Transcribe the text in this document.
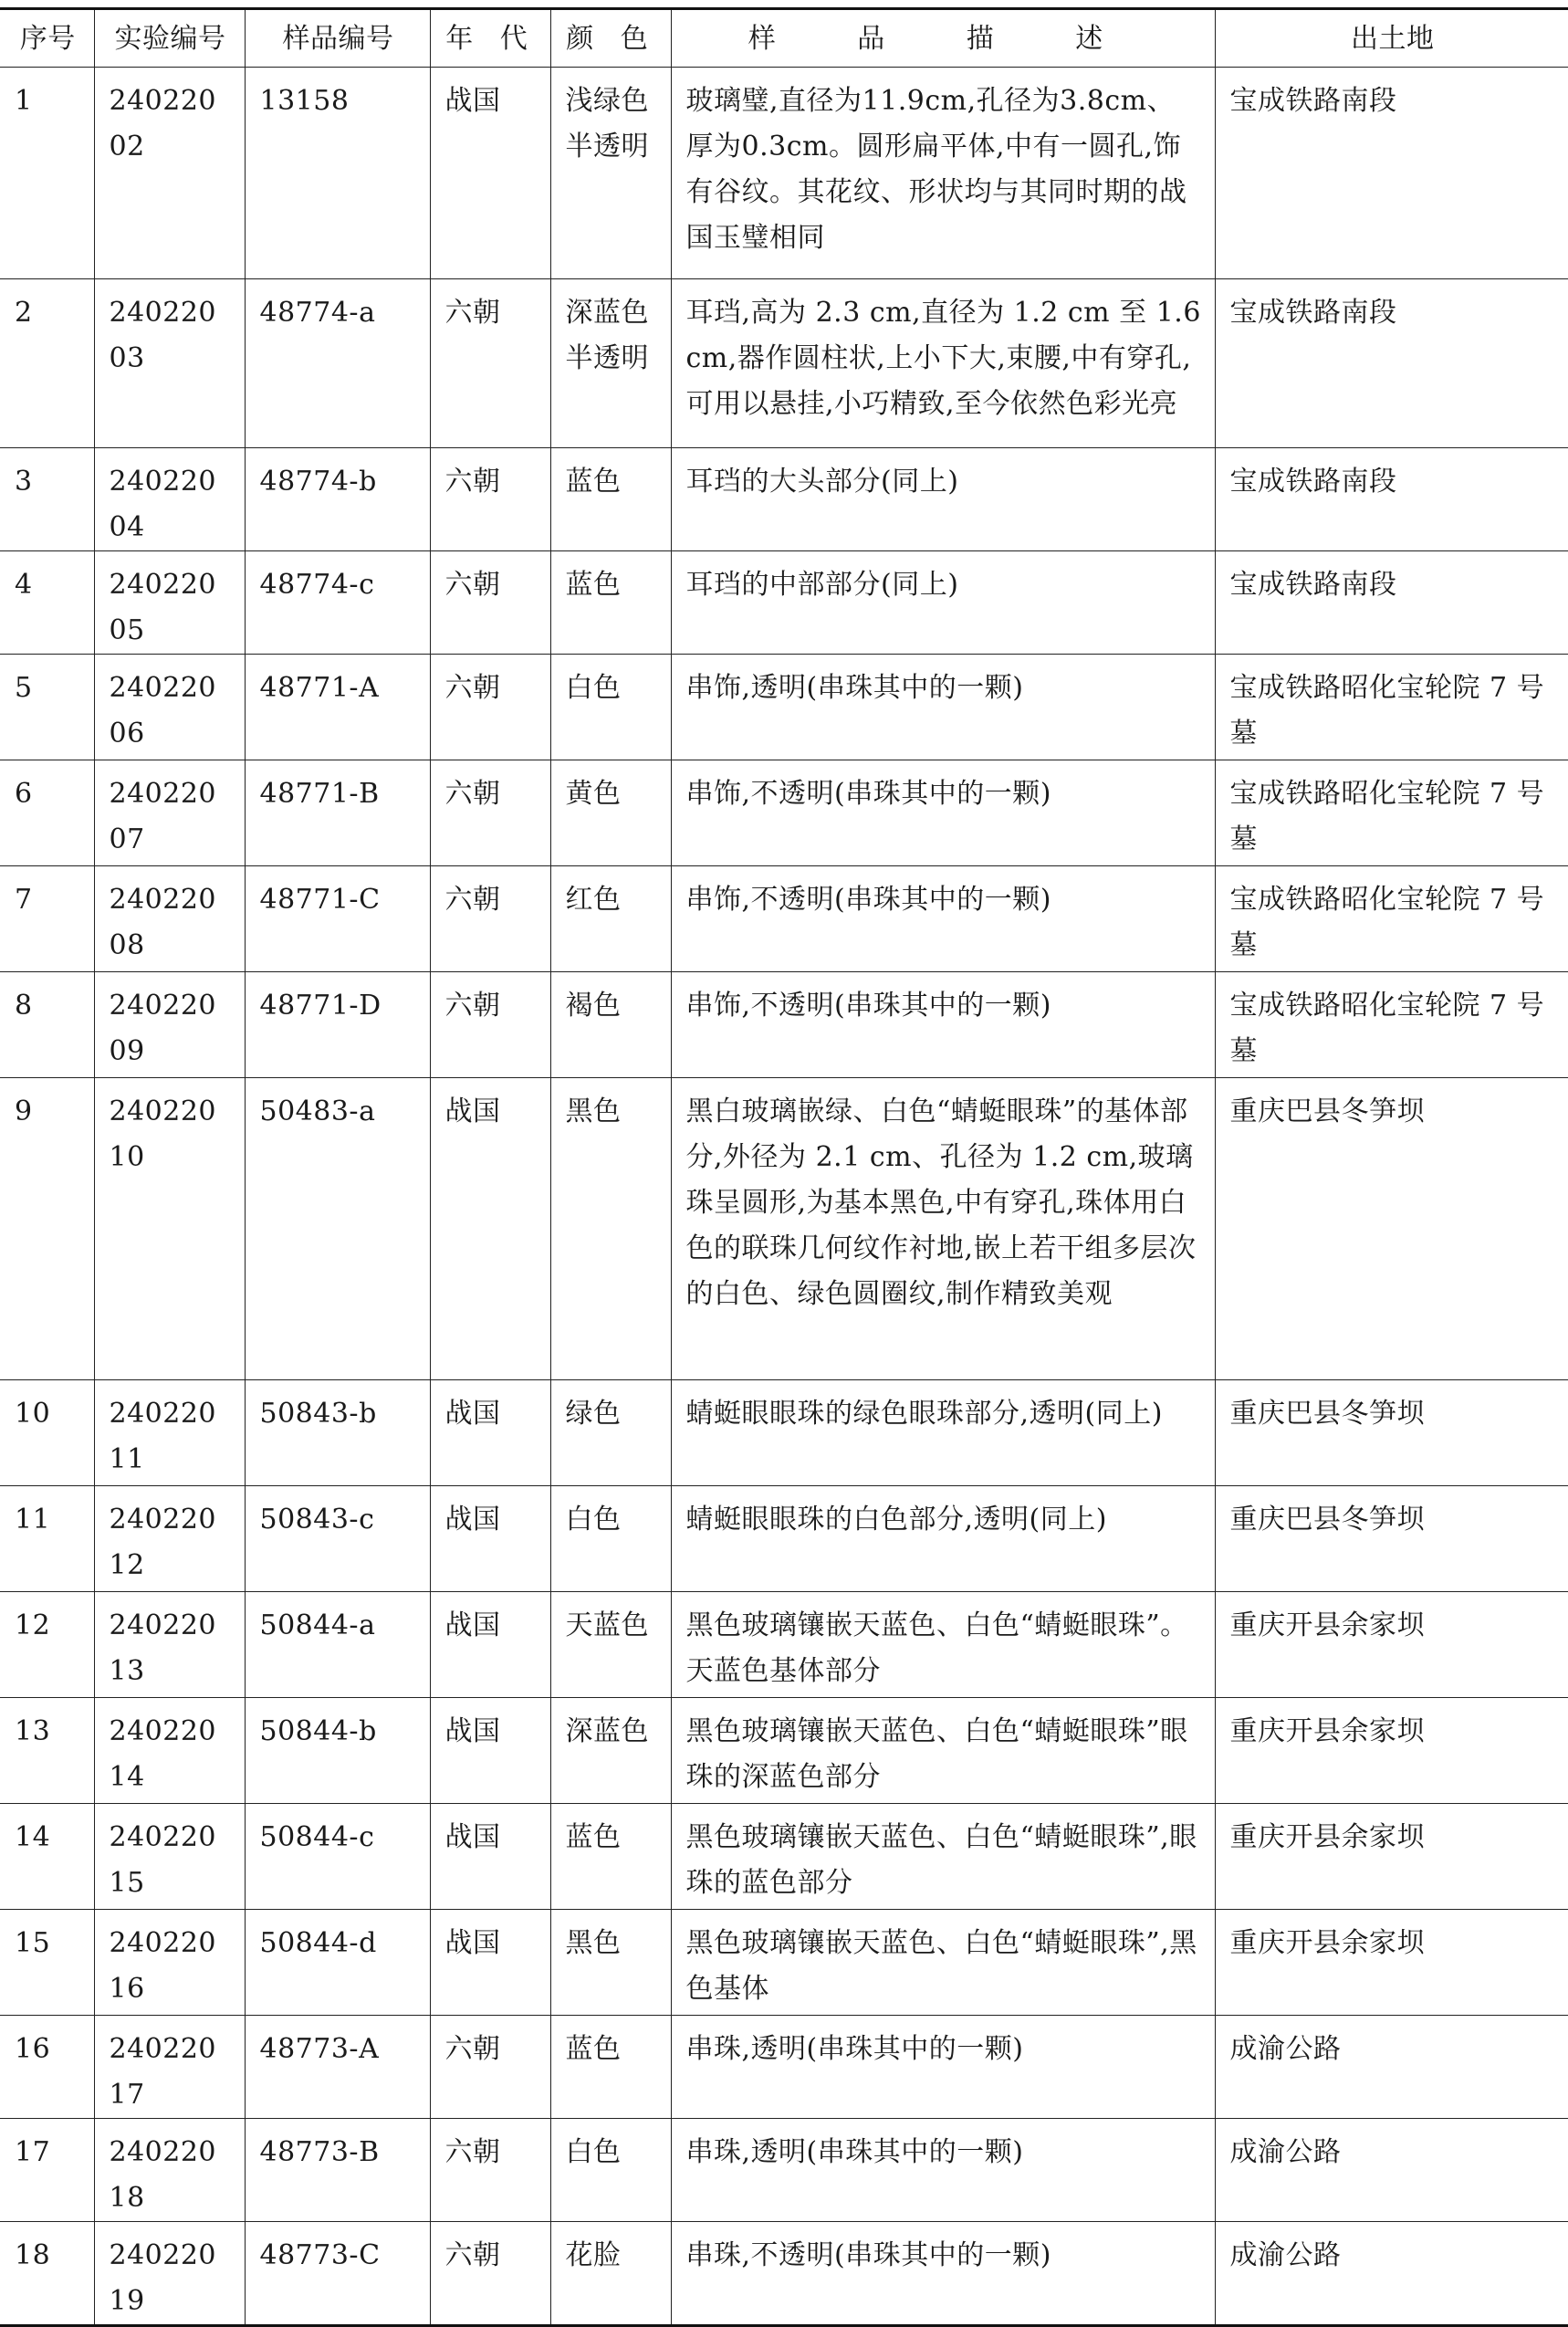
序号	实验编号	样品编号	年 代	颜 色	样 品 描 述	出土地
1	24022002	13158	战国	浅绿色半透明	玻璃璧,直径为11.9cm,孔径为3.8cm、厚为0.3cm。圆形扁平体,中有一圆孔,饰有谷纹。其花纹、形状均与其同时期的战国玉璧相同	宝成铁路南段
2	24022003	48774-a	六朝	深蓝色半透明	耳珰,高为 2.3 cm,直径为 1.2 cm 至 1.6 cm,器作圆柱状,上小下大,束腰,中有穿孔,可用以悬挂,小巧精致,至今依然色彩光亮	宝成铁路南段
3	24022004	48774-b	六朝	蓝色	耳珰的大头部分(同上)	宝成铁路南段
4	24022005	48774-c	六朝	蓝色	耳珰的中部部分(同上)	宝成铁路南段
5	24022006	48771-A	六朝	白色	串饰,透明(串珠其中的一颗)	宝成铁路昭化宝轮院 7 号墓
6	24022007	48771-B	六朝	黄色	串饰,不透明(串珠其中的一颗)	宝成铁路昭化宝轮院 7 号墓
7	24022008	48771-C	六朝	红色	串饰,不透明(串珠其中的一颗)	宝成铁路昭化宝轮院 7 号墓
8	24022009	48771-D	六朝	褐色	串饰,不透明(串珠其中的一颗)	宝成铁路昭化宝轮院 7 号墓
9	24022010	50483-a	战国	黑色	黑白玻璃嵌绿、白色“蜻蜓眼珠”的基体部分,外径为 2.1 cm、孔径为 1.2 cm,玻璃珠呈圆形,为基本黑色,中有穿孔,珠体用白色的联珠几何纹作衬地,嵌上若干组多层次的白色、绿色圆圈纹,制作精致美观	重庆巴县冬笋坝
10	24022011	50843-b	战国	绿色	蜻蜓眼眼珠的绿色眼珠部分,透明(同上)	重庆巴县冬笋坝
11	24022012	50843-c	战国	白色	蜻蜓眼眼珠的白色部分,透明(同上)	重庆巴县冬笋坝
12	24022013	50844-a	战国	天蓝色	黑色玻璃镶嵌天蓝色、白色“蜻蜓眼珠”。天蓝色基体部分	重庆开县余家坝
13	24022014	50844-b	战国	深蓝色	黑色玻璃镶嵌天蓝色、白色“蜻蜓眼珠”眼珠的深蓝色部分	重庆开县余家坝
14	24022015	50844-c	战国	蓝色	黑色玻璃镶嵌天蓝色、白色“蜻蜓眼珠”,眼珠的蓝色部分	重庆开县余家坝
15	24022016	50844-d	战国	黑色	黑色玻璃镶嵌天蓝色、白色“蜻蜓眼珠”,黑色基体	重庆开县余家坝
16	24022017	48773-A	六朝	蓝色	串珠,透明(串珠其中的一颗)	成渝公路
17	24022018	48773-B	六朝	白色	串珠,透明(串珠其中的一颗)	成渝公路
18	24022019	48773-C	六朝	花脸	串珠,不透明(串珠其中的一颗)	成渝公路
